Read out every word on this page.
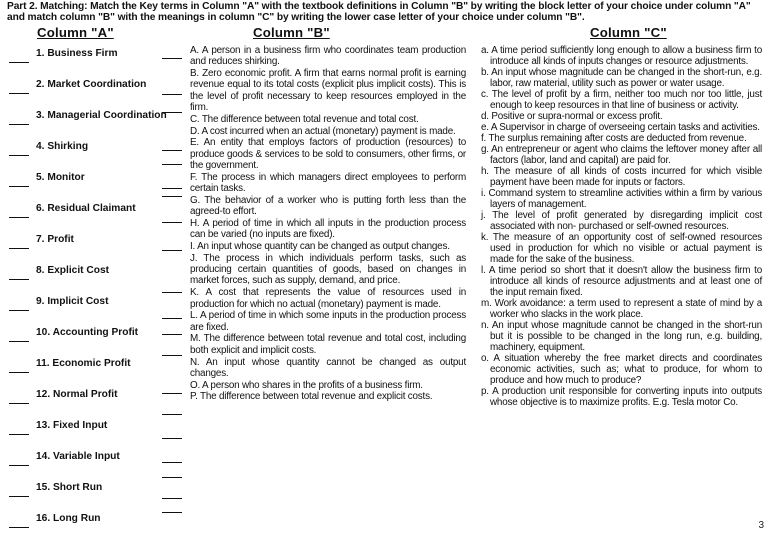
Part 2. Matching: Match the Key terms in Column "A" with the textbook definitions in Column "B" by writing the block letter of your choice under column "A" and match column "B" with the meanings in column "C" by writing the lower case letter of your choice under column "B".
Column "A"	Column "B"	Column "C"
1. Business Firm
2. Market Coordination
3. Managerial Coordination
4. Shirking
5. Monitor
6. Residual Claimant
7. Profit
8. Explicit Cost
9. Implicit Cost
10. Accounting Profit
11. Economic Profit
12. Normal Profit
13. Fixed Input
14. Variable Input
15. Short Run
16. Long Run

A. A person in a business firm who coordinates team production and reduces shirking.

B. Zero economic profit. A firm that earns normal profit is earning revenue equal to its total costs (explicit plus implicit costs). This is the level of profit necessary to keep resources employed in the firm.

C. The difference between total revenue and total cost.

D. A cost incurred when an actual (monetary) payment is made.

E. An entity that employs factors of production (resources) to produce goods & services to be sold to consumers, other firms, or the government.

F. The process in which managers direct employees to perform certain tasks.

G. The behavior of a worker who is putting forth less than the agreed-to effort.

H. A period of time in which all inputs in the production process can be varied (no inputs are fixed).

I. An input whose quantity can be changed as output changes.

J. The process in which individuals perform tasks, such as producing certain quantities of goods, based on changes in market forces, such as supply, demand, and price.

K. A cost that represents the value of resources used in production for which no actual (monetary) payment is made.

L. A period of time in which some inputs in the production process are fixed.

M. The difference between total revenue and total cost, including both explicit and implicit costs.

N. An input whose quantity cannot be changed as output changes.

O. A person who shares in the profits of a business firm.

P. The difference between total revenue and explicit costs.

a. A time period sufficiently long enough to allow a business firm to introduce all kinds of inputs changes or resource adjustments.

b. An input whose magnitude can be changed in the short-run, e.g. labor, raw material, utility such as power or water usage.

c. The level of profit by a firm, neither too much nor too little, just enough to keep resources in that line of business or activity.

d. Positive or supra-normal or excess profit.

e. A Supervisor in charge of overseeing certain tasks and activities.

f. The surplus remaining after costs are deducted from revenue.

g. An entrepreneur or agent who claims the leftover money after all factors (labor, land and capital) are paid for.

h. The measure of all kinds of costs incurred for which visible payment have been made for inputs or factors.

i. Command system to streamline activities within a firm by various layers of management.

j. The level of profit generated by disregarding implicit cost associated with non- purchased or self-owned resources.

k. The measure of an opportunity cost of self-owned resources used in production for which no visible or actual payment is made for the sake of the business.

l. A time period so short that it doesn't allow the business firm to introduce all kinds of resource adjustments and at least one of the input remain fixed.

m. Work avoidance: a term used to represent a state of mind by a worker who slacks in the work place.

n. An input whose magnitude cannot be changed in the short-run but it is possible to be changed in the long run, e.g. building, machinery, equipment.

o. A situation whereby the free market directs and coordinates economic activities, such as; what to produce, for whom to produce and how much to produce?

p. A production unit responsible for converting inputs into outputs whose objective is to maximize profits. E.g. Tesla motor Co.

3
